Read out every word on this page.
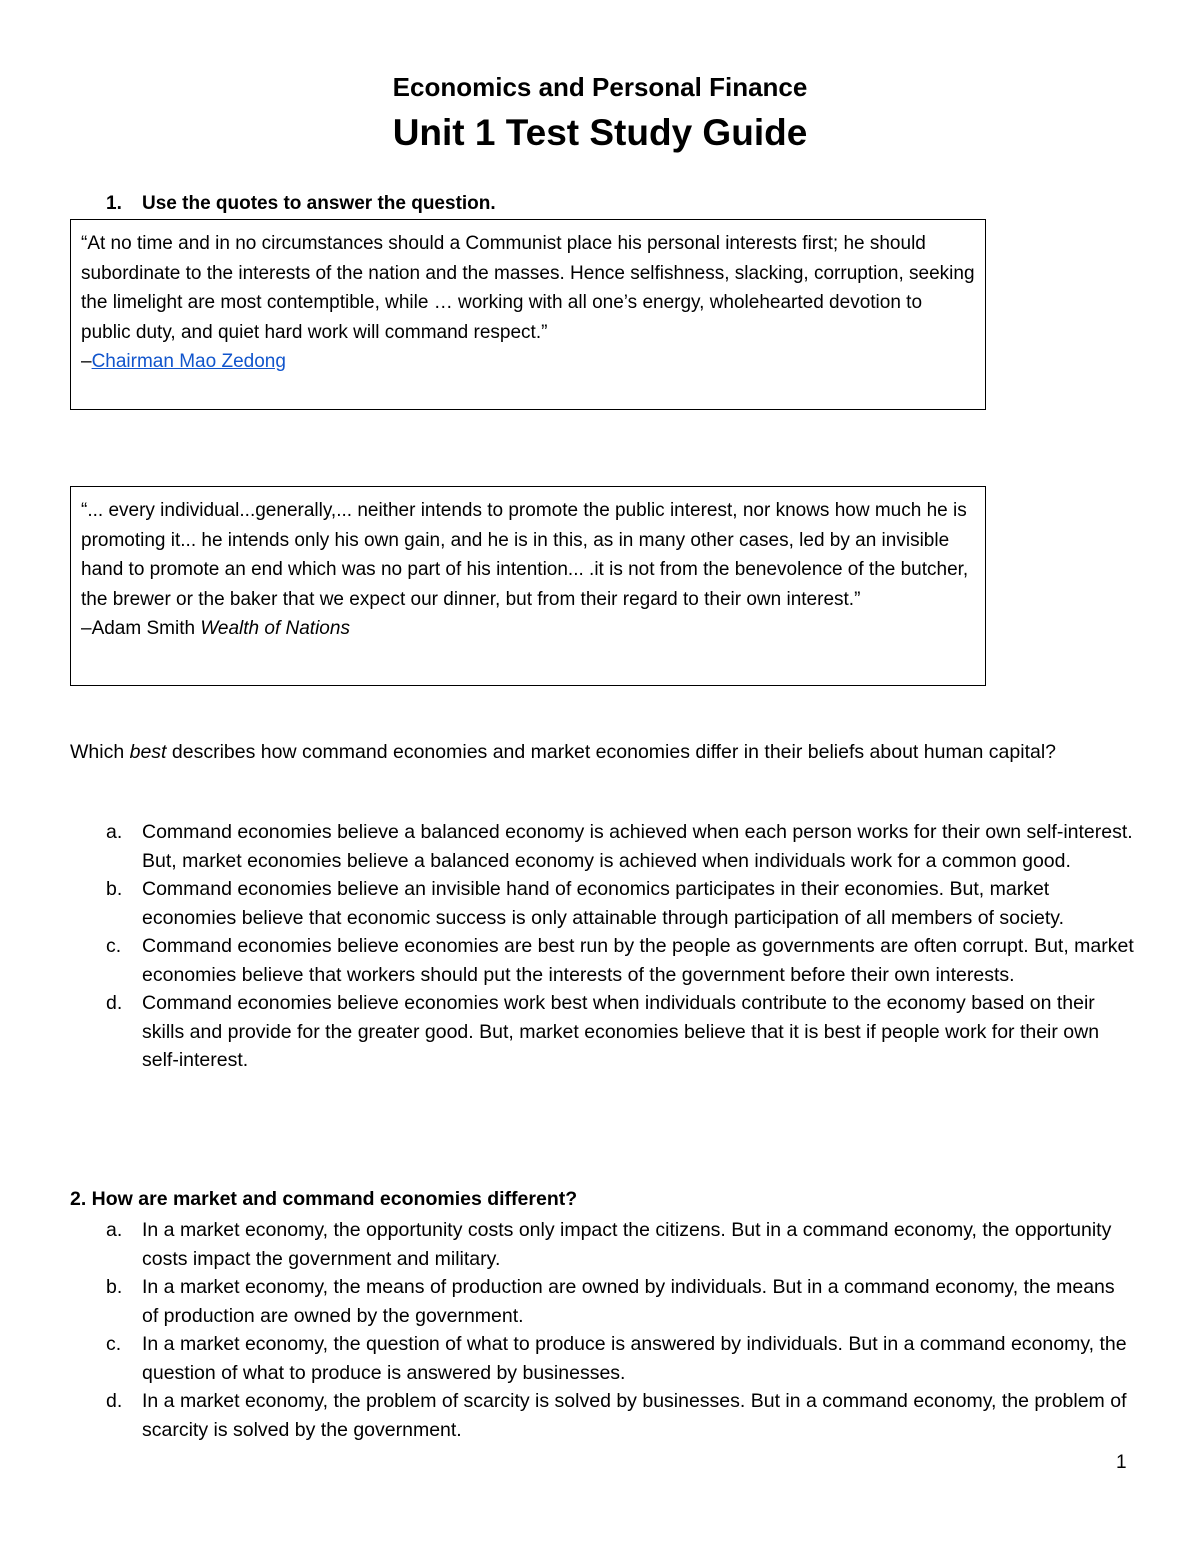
Economics and Personal Finance
Unit 1 Test Study Guide
1. Use the quotes to answer the question.

“At no time and in no circumstances should a Communist place his personal interests first; he should subordinate to the interests of the nation and the masses. Hence selfishness, slacking, corruption, seeking the limelight are most contemptible, while … working with all one’s energy, wholehearted devotion to public duty, and quiet hard work will command respect.”

–Chairman Mao Zedong

“... every individual...generally,... neither intends to promote the public interest, nor knows how much he is promoting it... he intends only his own gain, and he is in this, as in many other cases, led by an invisible hand to promote an end which was no part of his intention... .it is not from the benevolence of the butcher, the brewer or the baker that we expect our dinner, but from their regard to their own interest.”

–Adam Smith Wealth of Nations

Which best describes how command economies and market economies differ in their beliefs about human capital?

a. Command economies believe a balanced economy is achieved when each person works for their own self-interest. But, market economies believe a balanced economy is achieved when individuals work for a common good.
b. Command economies believe an invisible hand of economics participates in their economies. But, market economies believe that economic success is only attainable through participation of all members of society.
c. Command economies believe economies are best run by the people as governments are often corrupt. But, market economies believe that workers should put the interests of the government before their own interests.
d. Command economies believe economies work best when individuals contribute to the economy based on their skills and provide for the greater good. But, market economies believe that it is best if people work for their own self-interest.

2. How are market and command economies different?

a. In a market economy, the opportunity costs only impact the citizens. But in a command economy, the opportunity costs impact the government and military.
b. In a market economy, the means of production are owned by individuals. But in a command economy, the means of production are owned by the government.
c. In a market economy, the question of what to produce is answered by individuals. But in a command economy, the question of what to produce is answered by businesses.
d. In a market economy, the problem of scarcity is solved by businesses. But in a command economy, the problem of scarcity is solved by the government.
1
